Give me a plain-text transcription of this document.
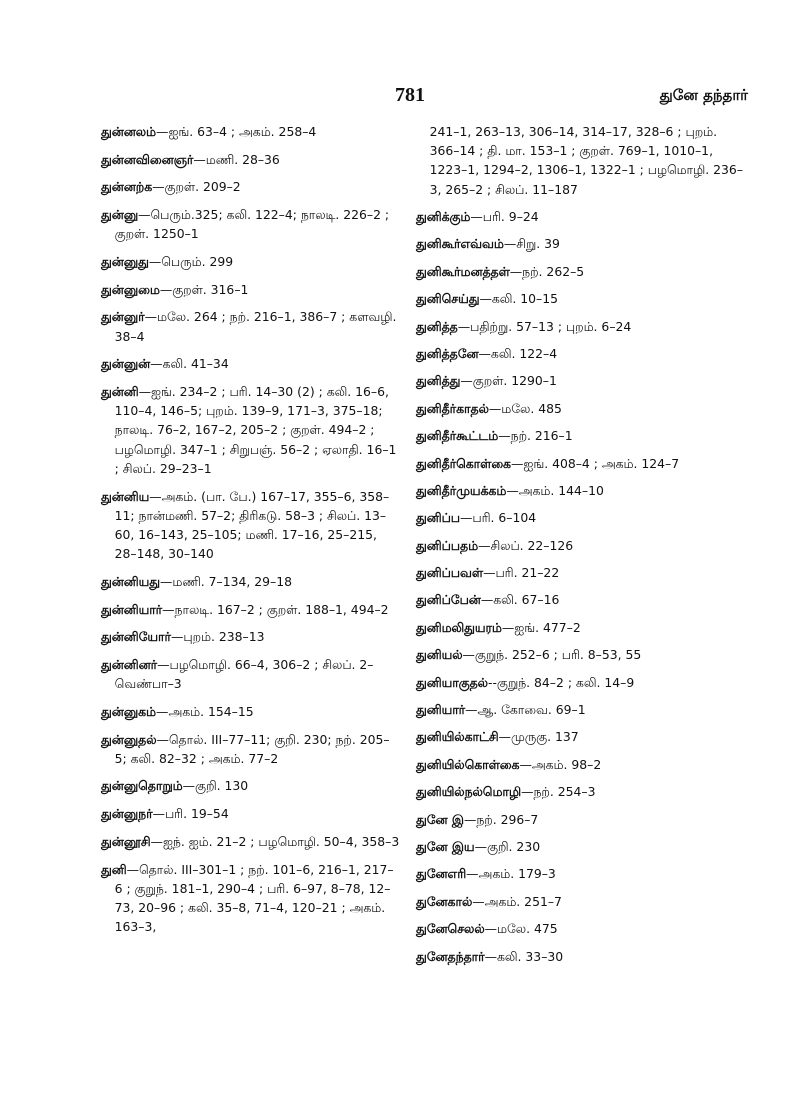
781	துனே தந்தார்
துன்னலம்—ஐங். 63–4 ; அகம். 258–4
துன்னவினைஞர்—மணி. 28–36
துன்னற்க—குறள். 209–2
துன்னு—பெரும்.325; கலி. 122–4; நாலடி. 226–2 ; குறள். 1250–1
துன்னுது—பெரும். 299
துன்னுமை—குறள். 316–1
துன்னுர்—மலே. 264 ; நற். 216–1, 386–7 ; களவழி. 38–4
துன்னுன்—கலி. 41–34
துன்னி—ஐங். 234–2 ; பரி. 14–30 (2) ; கலி. 16–6, 110–4, 146–5; புறம். 139–9, 171–3, 375–18; நாலடி. 76–2, 167–2, 205–2 ; குறள். 494–2 ; பழமொழி. 347–1 ; சிறுபஞ். 56–2 ; ஏலாதி. 16–1 ; சிலப். 29–23–1
துன்னிய—அகம். (பா. பே.) 167–17, 355–6, 358–11; நான்மணி. 57–2; திரிகடு. 58–3 ; சிலப். 13–60, 16–143, 25–105; மணி. 17–16, 25–215, 28–148, 30–140
துன்னியது—மணி. 7–134, 29–18
துன்னியார்—நாலடி. 167–2 ; குறள். 188–1, 494–2
துன்னியோர்—புறம். 238–13
துன்னினர்—பழமொழி. 66–4, 306–2 ; சிலப். 2–வெண்பா–3
துன்னுகம்—அகம். 154–15
துன்னுதல்—தொல். III–77–11; குறி. 230; நற். 205–5; கலி. 82–32 ; அகம். 77–2
துன்னுதொறும்—குறி. 130
துன்னுநர்—பரி. 19–54
துன்னூசி—ஐந். ஐம். 21–2 ; பழமொழி. 50–4, 358–3
துனி—தொல். III–301–1 ; நற். 101–6, 216–1, 217–6 ; குறுந். 181–1, 290–4 ; பரி. 6–97, 8–78, 12–73, 20–96 ; கலி. 35–8, 71–4, 120–21 ; அகம். 163–3,
241–1, 263–13, 306–14, 314–17, 328–6 ; புறம். 366–14 ; தி. மா. 153–1 ; குறள். 769–1, 1010–1, 1223–1, 1294–2, 1306–1, 1322–1 ; பழமொழி. 236–3, 265–2 ; சிலப். 11–187
துனிக்கும்—பரி. 9–24
துனிகூர்எவ்வம்—சிறு. 39
துனிகூர்மனத்தள்—நற். 262–5
துனிசெய்து—கலி. 10–15
துனித்த—பதிற்று. 57–13 ; புறம். 6–24
துனித்தனே—கலி. 122–4
துனித்து—குறள். 1290–1
துனிதீர்காதல்—மலே. 485
துனிதீர்கூட்டம்—நற். 216–1
துனிதீர்கொள்கை—ஐங். 408–4 ; அகம். 124–7
துனிதீர்முயக்கம்—அகம். 144–10
துனிப்ப—பரி. 6–104
துனிப்பதம்—சிலப். 22–126
துனிப்பவள்—பரி. 21–22
துனிப்பேன்—கலி. 67–16
துனிமலிதுயரம்—ஐங். 477–2
துனியல்—குறுந். 252–6 ; பரி. 8–53, 55
துனியாகுதல்--குறுந். 84–2 ; கலி. 14–9
துனியார்—ஆ. கோவை. 69–1
துனியில்காட்சி—முருகு. 137
துனியில்கொள்கை—அகம். 98–2
துனியில்நல்மொழி—நற். 254–3
துனே இ—நற். 296–7
துனே இய—குறி. 230
துனேஎரி—அகம். 179–3
துனேகால்—அகம். 251–7
துனேசெலல்—மலே. 475
துனேதந்தார்—கலி. 33–30
